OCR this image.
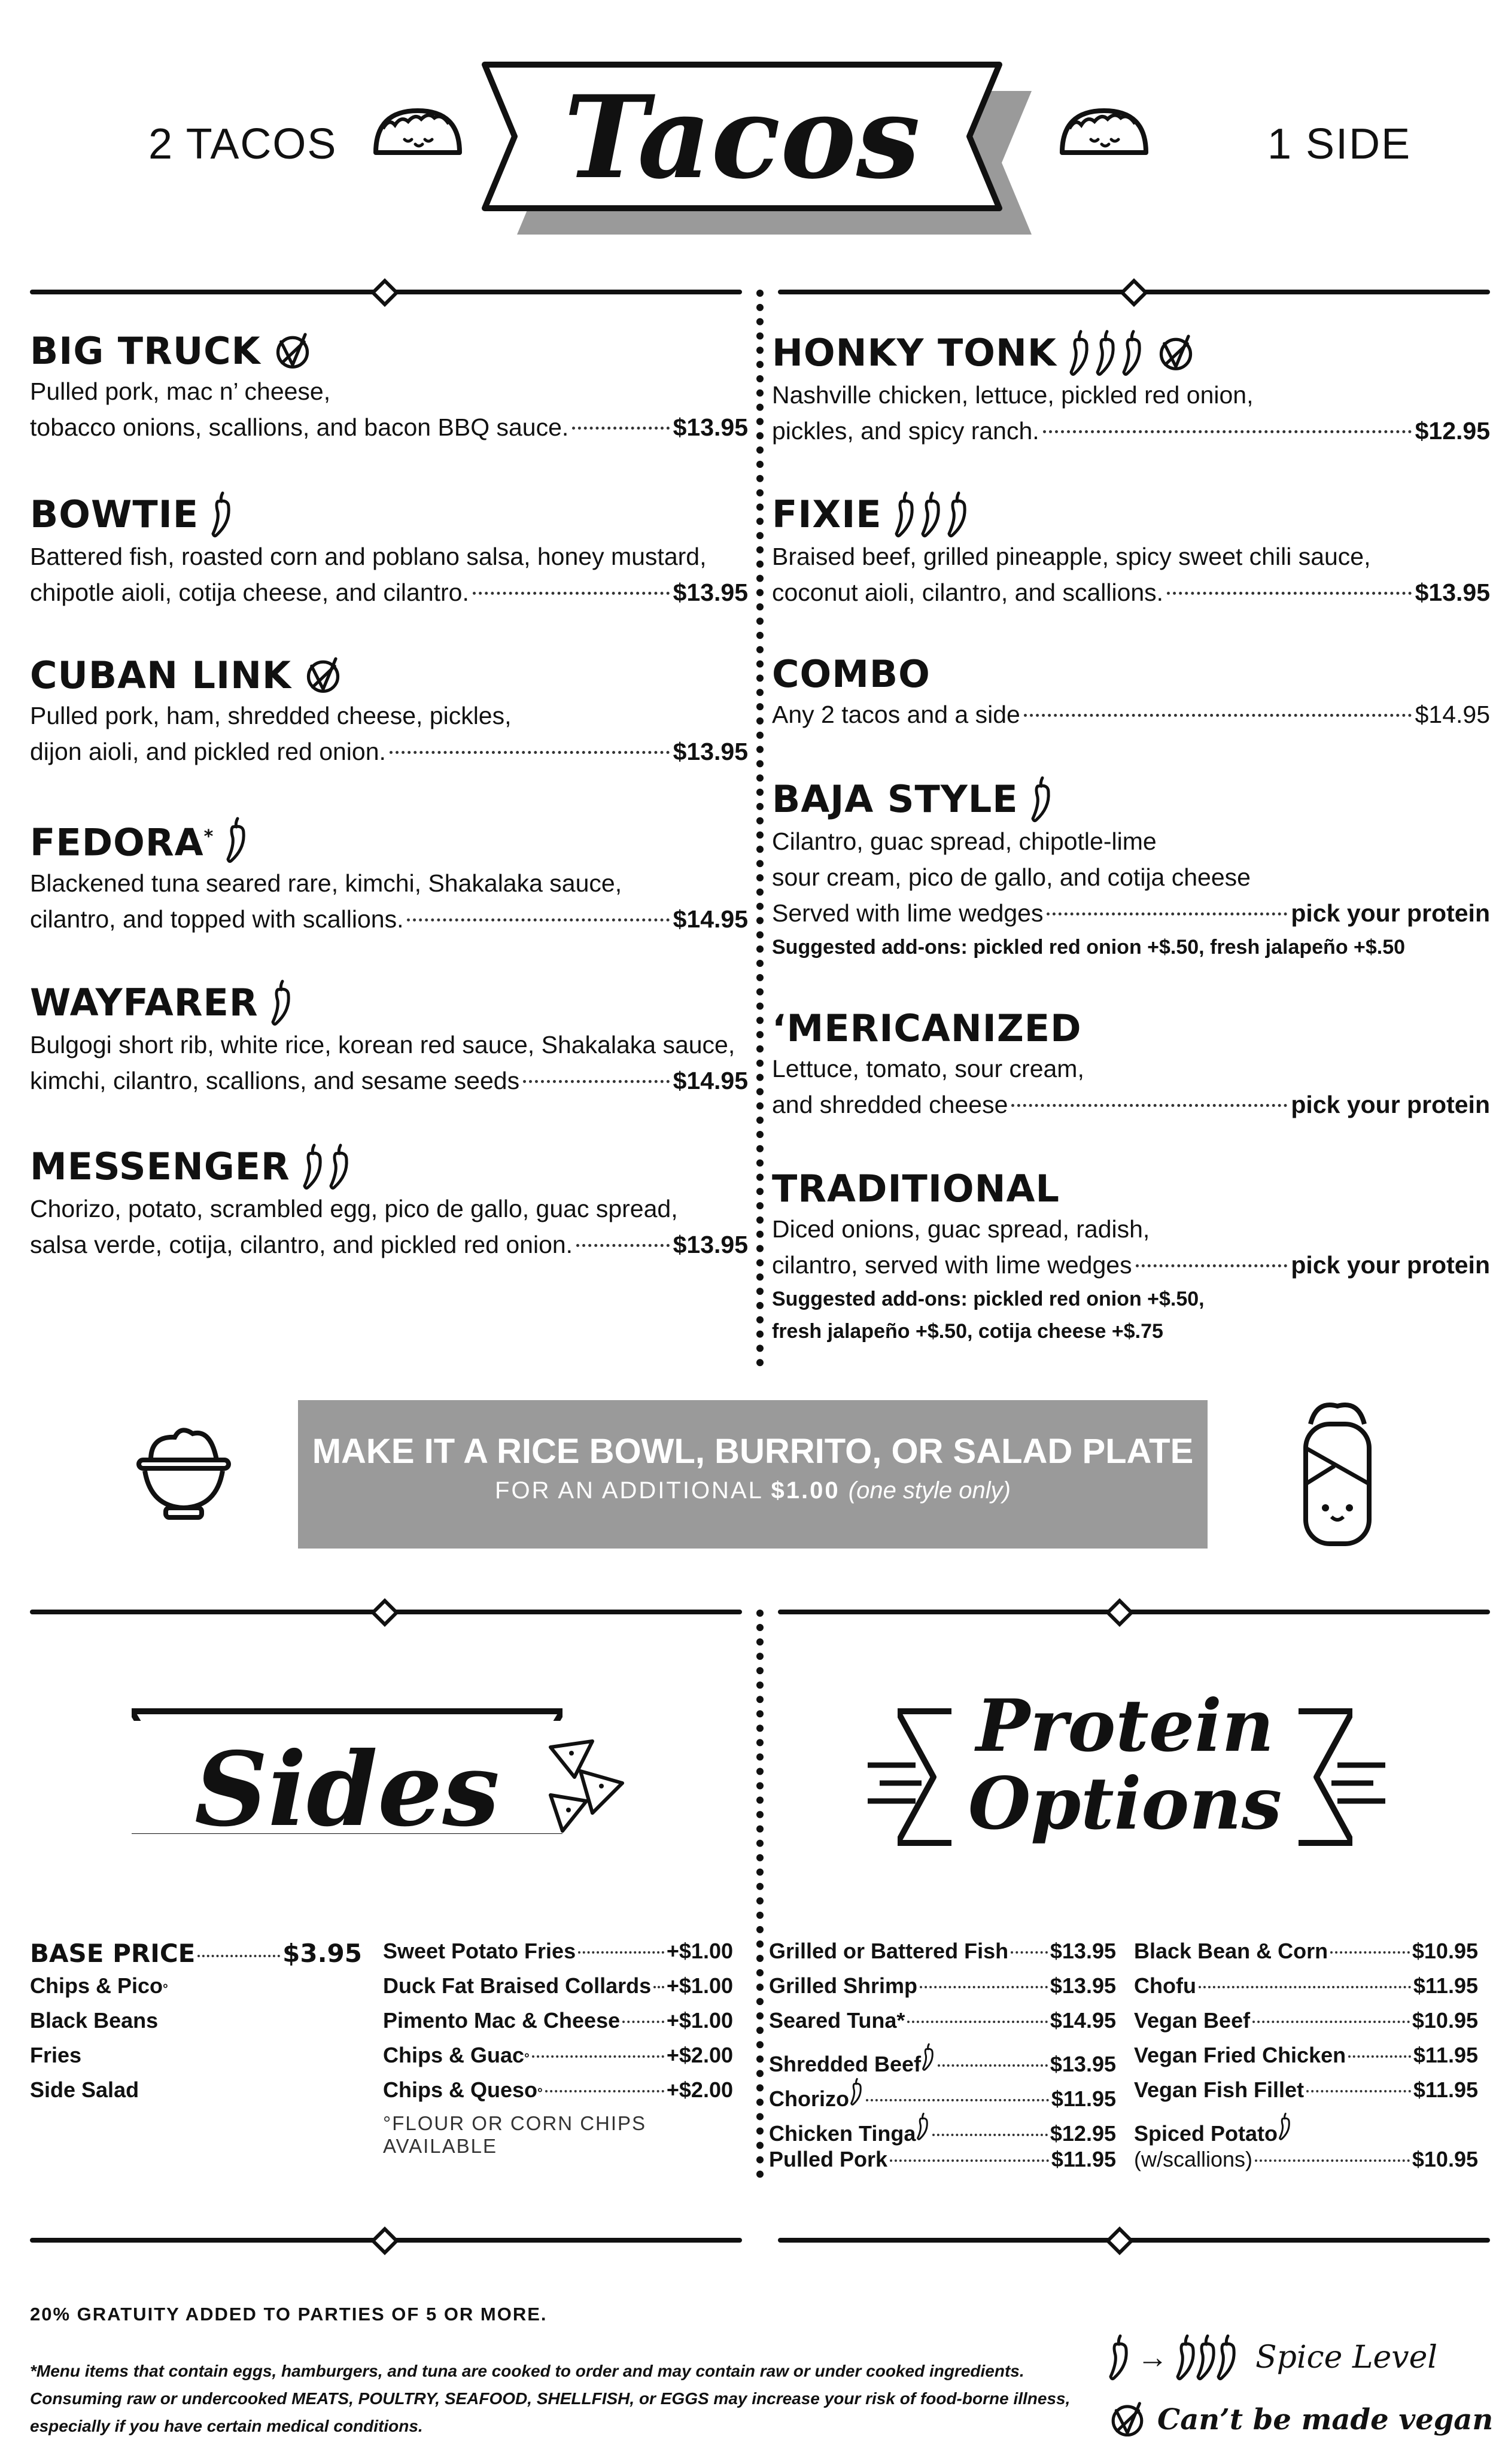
2 TACOS	1 SIDE
Tacos
BIG TRUCK
Pulled pork, mac n’ cheese,
tobacco onions, scallions, and bacon BBQ sauce.	$13.95
BOWTIE
Battered fish, roasted corn and poblano salsa, honey mustard,
chipotle aioli, cotija cheese, and cilantro.	$13.95
CUBAN LINK
Pulled pork, ham, shredded cheese, pickles,
dijon aioli, and pickled red onion.	$13.95
FEDORA*
Blackened tuna seared rare, kimchi, Shakalaka sauce,
cilantro, and topped with scallions.	$14.95
WAYFARER
Bulgogi short rib, white rice, korean red sauce, Shakalaka sauce,
kimchi, cilantro, scallions, and sesame seeds	$14.95
MESSENGER
Chorizo, potato, scrambled egg, pico de gallo, guac spread,
salsa verde, cotija, cilantro, and pickled red onion.	$13.95
HONKY TONK
Nashville chicken, lettuce, pickled red onion,
pickles, and spicy ranch.	$12.95
FIXIE
Braised beef, grilled pineapple, spicy sweet chili sauce,
coconut aioli, cilantro, and scallions.	$13.95
COMBO
Any 2 tacos and a side	$14.95
BAJA STYLE
Cilantro, guac spread, chipotle-lime
sour cream, pico de gallo, and cotija cheese
Served with lime wedges	pick your protein
Suggested add-ons: pickled red onion +$.50, fresh jalapeño +$.50
‘MERICANIZED
Lettuce, tomato, sour cream,
and shredded cheese	pick your protein
TRADITIONAL
Diced onions, guac spread, radish,
cilantro, served with lime wedges	pick your protein
Suggested add-ons: pickled red onion +$.50,
fresh jalapeño +$.50, cotija cheese +$.75
MAKE IT A RICE BOWL, BURRITO, OR SALAD PLATE
FOR AN ADDITIONAL $1.00 (one style only)
Sides
Protein
Options
BASE PRICE	$3.95
Chips & Pico °
Black Beans
Fries
Side Salad
Sweet Potato Fries	+$1.00
Duck Fat Braised Collards +$1.00
Pimento Mac & Cheese +$1.00
Chips & Guac °	+$2.00
Chips & Queso °	+$2.00
°FLOUR OR CORN CHIPS AVAILABLE
Grilled or Battered Fish $13.95
Grilled Shrimp	$13.95
Seared Tuna*	$14.95
Shredded Beef	$13.95
Chorizo	$11.95
Chicken Tinga	$12.95
Pulled Pork	$11.95
Black Bean & Corn	$10.95
Chofu	$11.95
Vegan Beef	$10.95
Vegan Fried Chicken	$11.95
Vegan Fish Fillet	$11.95
Spiced Potato
(w/scallions)	$10.95
20% GRATUITY ADDED TO PARTIES OF 5 OR MORE.
*Menu items that contain eggs, hamburgers, and tuna are cooked to order and may contain raw or under cooked ingredients.
Consuming raw or undercooked MEATS, POULTRY, SEAFOOD, SHELLFISH, or EGGS may increase your risk of food-borne illness,
especially if you have certain medical conditions.
→	Spice Level
Can’t be made vegan
